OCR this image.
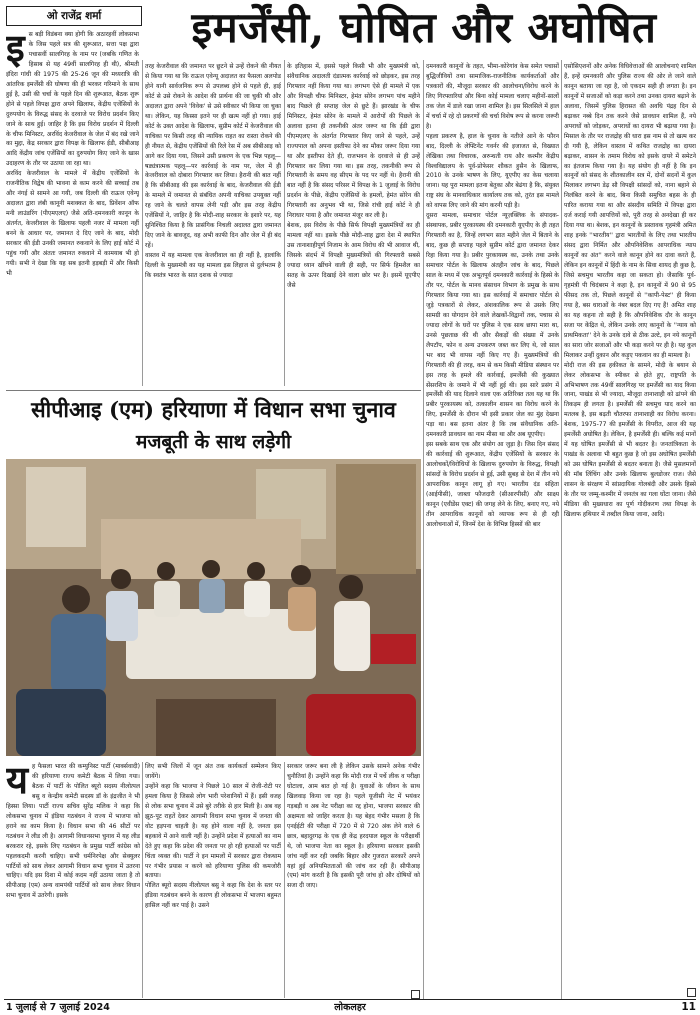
ओ राजेंद्र शर्मा	इमर्जेंसी, घोषित और अघोषित
इ स बड़ी विडंबना क्या होगी कि अठारहवीं लोकसभा के जिस पहले सत्र की शुरूआत, सत्ता पक्ष द्वारा पचासवीं सालगिरह के नाम पर (जबकि गणित के हिसाब से यह 49वीं सालगिरह ही थी), श्रीमती इंदिरा गांधी की 1975 की 25-26 जून की मध्यरात्रि की आंतरिक इमर्जेंसी की घोषणा की ही भरकर गरिमाने के साथ हुई है, उसी की चर्चा के पहले दिन की शुरूआत, बैठक शुरू होने से पहले विपक्ष द्वारा अपने खिलाफ, केंद्रीय एजेंसियों के दुरुपयोग के विरुद्ध संसद के दरवाजे पर विरोध प्रदर्शन किए जाने के साथ हुई। जाहिर है कि इस विरोध प्रदर्शन में दिल्ली के चीफ मिनिस्टर, अरविंद केजरीवाल के जेल में बंद रखे जाने का मुद्दा, केंद्र सरकार द्वारा विपक्ष के खिलाफ ईडी, सीबीआइ आदि केंद्रीय जांच एजेंसियों का दुरुपयोग किए जाने के खास उदाहरण के तौर पर उठाया जा रहा था।
अरविंद केजरीवाल के मामले में केंद्रीय एजेंसियों के राजनीतिक विद्वेष की भावना से काम करने की सच्चाई तब और नंगई से सामने आ गयी, जब दिल्ली की राऊज एवेन्यू अदालत द्वारा लंबी कानूनी मशक्कत के बाद, प्रिवेंशन ऑफ मनी लाउंडरिंग (पीएमएलए) जैसे अति-दमनकारी कानून के अंतर्गत, केजरीवाल के खिलाफ पहली नजर में मामला नहीं बनने के आधार पर, जमानत दे दिए जाने के बाद, मोदी सरकार की ईडी उनकी जमानत रुकवाने के लिए हाई कोर्ट में पहुंच गयी और अंततः जमानत रुकवाने में कामयाब भी हो गयी। सभी ने देखा कि यह सब इतनी हड़बड़ी में और किसी भी
तरह केजरीवाल की जमानत पर छूटने से उन्हें रोकने की नीयत से किया गया था कि राऊज एवेन्यू अदालत का फैसला अलपोड होने यानी सार्वजनिक रूप से उपलब्ध होने से पहले ही, हाई कोर्ट से उसे रोकने के आदेश की प्रार्थना की जा चुकी थी और अदालत द्वारा अपने 'विवेक' से उसे स्वीकार भी किया जा चुका था। लेकिन, यह किस्सा इतने पर ही खत्म नहीं हो गया। हाई कोर्ट के उक्त आदेश के खिलाफ, सुप्रीम कोर्ट में केजरीवाल की याचिका पर किसी तरह की न्यायिक राहत का रास्ता रोकने की ही नीयत से, केंद्रीय एजेंसियों की रिले रेस में अब सीबीआइ को आगे कर दिया गया, जिसने उसी प्रकरण के एक भिन्न पहलू—षड्यंत्रात्मक पहलू—पर कार्रवाई के नाम पर, जेल में ही केजरीवाल को दोबारा गिरफ्तार कर लिया। हैरानी की बात नहीं है कि सीबीआइ की इस कार्रवाई के बाद, केजरीवाल की ईडी के मामले में जमानत से संबंधित अपनी याचिका उपयुक्त नहीं रह जाने के चलते वापस लेनी पड़ी और इस तरह केंद्रीय एजेंसियों ने, जाहिर है कि मोदी-शाह सरकार के इशारे पर, यह सुनिश्चित किया है कि प्रासंगिक निचली अदालत द्वारा जमानत दिए जाने के बावजूद, वह अभी काफी दिन और जेल में ही बंद रहें।
वास्तव में यह मामला एक केजरीवाल का ही नहीं है, हालांकि दिल्ली के मुख्यमंत्री का यह मामला इस लिहाज से दुर्लभतम है कि स्वतंत्र भारत के सात दशक से ज्यादा
के इतिहास में, इससे पहले किसी भी और मुख्यमंत्री को, संवैधानिक अदालती दंडात्मक कार्रवाई को छोड़कर, इस तरह गिरफ्तार नहीं किया गया था। लगभग ऐसे ही मामले में एक और विपक्षी चीफ मिनिस्टर, हेमंत सोरेन लगभग पांच महीने बाद पिछले ही सप्ताह जेल से छूटे हैं। झारखंड के चीफ मिनिस्टर, हेमंत सोरेन के मामले में आरोपों की पिछले के अलावा इतना ही तकनीकी अंतर जरूर था कि ईडी द्वारा पीएमएलए के अंतर्गत गिरफ्तार किए जाने से पहले, उन्हें राज्यपाल को अपना इस्तीफा देने का मौका जरूर दिया गया था और इस्तीफा देते ही, राजभवन के दरवाजे से ही उन्हें गिरफ्तार कर लिया गया था। इस तरह, तकनीकी रूप से गिरफ्तारी के समय वह सीएम के पद पर नहीं थे। हैरानी की बात नहीं है कि संसद परिसर में विपक्ष के 1 जुलाई के विरोध प्रदर्शन के पीछे, केंद्रीय एजेंसियों के हमलों, हेमंत सोरेन की गिरफ्तारी का अनुभव भी था, जिसे रांची हाई कोर्ट ने ही निराधार पाया है और जमानत मंजूर कर ली है।
बेशक, इस विरोध के पीछे सिर्फ विपक्षी मुख्यमंत्रियों का ही मामला नहीं था। इसके पीछे मोदी-शाह द्वारा देश में स्थापित उस तानाशाहीपूर्ण निजाम के आम विरोध की भी आवाज थी, जिसके संदर्भ में विपक्षी मुख्यमंत्रियों की गिरफ्तारी सबसे ज्यादा ध्यान खींचने वाली ही सही, पर सिर्फ हिमशैल का सतह के ऊपर दिखाई देने वाला छोर भर है। इसमें यूएपीए जैसे
दमनकारी कानूनों के तहत, भीमा-कोरेगांव केस समेत पचासों बुद्धिजीवियों तथा सामाजिक-राजनीतिक कार्यकर्ताओं और पत्रकारों की, मौजूदा सरकार की आलोचना/विरोध करने के लिए गिरफ्तारियां और बिना कोई मामला चलाए महीनों-सालों तक जेल में डाले रखा जाना शामिल है। इस सिलसिले में हाल में चर्चा में रहे दो प्रकरणों की चर्चा विशेष रूप से करना जरूरी है।
पहला प्रकरण है, हाल के चुनाव के नतीजे आने के फौरन बाद, दिल्ली के लेफ्टिनेंट गवर्नर की इजाजत से, विख्यात लेखिका तथा विचारक, अरुन्धती राय और कश्मीर केंद्रीय विश्वविद्यालय के पूर्व-प्रोफेसर शौकत हुसैन के खिलाफ, 2010 के उनके भाषण के लिए, यूएपीए का केस चलाया जाना। यह पूरा मामला इतना बेतुका और बेढंगा है कि, संयुक्त राष्ट्र संघ के मानवाधिकार कार्यालय तक को, तुरंत इस मामले को वापस लिए जाने की मांग करनी पड़ी है।
दूसरा मामला, समाचार पोर्टल न्यूज़क्लिक के संपादक-संस्थापक, प्रबीर पुरकायस्थ की दमनकारी यूएपीए के ही तहत गिरफ्तारी का है, जिन्हें लगभग सात महीने जेल में बिताने के बाद, कुछ ही सप्ताह पहले सुप्रीम कोर्ट द्वारा जमानत देकर रिहा किया गया है। प्रबीर पुरकायस्थ का, उनके तथा उनके समाचार पोर्टल के खिलाफ अंतहीन जांच के बाद, पिछले साल के मध्य में एक अभूतपूर्व दमनकारी कार्रवाई के हिस्से के तौर पर, पोर्टल के मानव संसाधन विभाग के प्रमुख के साथ गिरफ्तार किया गया था। इस कार्रवाई में समाचार पोर्टल से जुड़े पत्रकारों से लेकर, अंशकालिक रूप से उसके लिए सामग्री का योगदान देने वाले लेखकों-विद्वानों तक, पचास से ज्यादा लोगों के घरों पर पुलिस ने एक साथ छापा मारा था, उनसे पूछताछ की थी और सैकड़ों की संख्या में उनके लैपटॉप, फोन व अन्य उपकरण जब्त कर लिए थे, जो साल भर बाद भी वापस नहीं किए गए हैं। मुख्यमंत्रियों की गिरफ्तारी की ही तरह, कम से कम किसी मीडिया संस्थान पर इस तरह के हमले की कार्रवाई, इमर्जेंसी की कुख्यात सेंसरशिप के जमाने में भी नहीं हुई थी। इस सारे प्रसंग में इमर्जेंसी की याद दिलाने वाला एक अतिरिक्त तत्व यह था कि प्रबीर पुरकायस्थ को, तत्कालीन शासन का विरोध करने के लिए, इमर्जेंसी के दौरान भी इसी प्रकार जेल का मुंह देखना पड़ा था। बस इतना अंतर है कि तब संवैधानिक अति-दमनकारी प्रावधान का नाम मीसा था और अब यूएपीए।
इस सबके साथ एक और संयोग आ जुड़ा है। जिस दिन संसद की कार्रवाई की शुरूआत, केंद्रीय एजेंसियों के सरकार के आलोचकों/विरोधियों के खिलाफ दुरुपयोग के विरुद्ध, विपक्षी सांसदों के विरोध प्रदर्शन से हुई, उसी सुबह से देश में तीन नये आपराधिक कानून लागू हो गए। भारतीय दंड संहिता (आईपीसी), जाब्ता फौजदारी (सीआरपीसी) और साक्ष्य कानून (एवीडेंस एक्ट) की जगह लेने के लिए, बनाए गए, नये तीन आपराधिक कानूनों को व्यापक रूप से ही रही आलोचनाओं में, जिनमें देश के विभिन्न हिस्सों की बार
एसोसिएशनों और अनेक विधिवेत्ताओं की आलोचनाएं शामिल हैं, इन्हें दमनकारी और पुलिस राज्य की ओर ले जाने वाले कानून बताया जा रहा है, जो एकदम सही ही लगता है। इन कानूनों में सजाओं को कड़ा करने तथा उनका दायरा बढ़ाने के अलावा, जिसमें पुलिस हिरासत की अवधि पंद्रह दिन से बढ़ाकर नब्बे दिन तक करने जैसे प्रावधान शामिल हैं, नये अपराधों को जोड़कर, अपराधों का दायरा भी बढ़ाया गया है। मिसाल के तौर पर राजद्रोह की धारा इस नाम से तो खत्म कर दी गयी है, लेकिन वास्तव में कथित राजद्रोह का दायरा बढ़ाकर, शासन के तमाम विरोध को इसके दायरे में समेटने का इंतजाम किया गया है। यह संयोग ही नहीं है कि इन कानूनों को संसद के शीतकालीन सत्र में, दोनों सदनों में कुल मिलाकर लगभग डेढ़ सौ विपक्षी सांसदों को, नाना बहाने से निलंबित करने के बाद, बिना किसी समुचित बहस के ही पारित कराया गया था और संसदीय समिति में विपक्ष द्वारा दर्ज कराई गयी आपत्तियों को, पूरी तरह से अनदेखा ही कर दिया गया था। बेशक, इन कानूनों के प्रस्तावक गृहमंत्री अमित शाह इनके ''भारतीय'' द्वारा भारतीयों के लिए तथा भारतीय संसद द्वारा निर्मित और औपनिवेशिक आपराधिक न्याय कानूनों का अंत'' करने वाले कानून होने का दावा करते हैं, लेकिन इन कानूनों में हिंदी के नाम के सिवा शायद ही कुछ है, जिसे सचमुच भारतीय कहा जा सकता हो। जैसाकि पूर्व-गृहमंत्री पी चिदंबरम ने कहा है, इन कानूनों में 90 से 95 फीसद तक तो, पिछले कानूनों से ''कापी-पेस्ट'' ही किया गया है, बस धाराओं के नंबर बदल दिए गए हैं! अमित शाह का यह कहना तो सही है कि औपनिवेशिक दौर के कानून सजा पर केंद्रित थे, लेकिन उनके लाए कानूनों के ''न्याय को प्राथमिकता'' देने के उनके दावे से ठीक उल्टे, इन नये कानूनों का सारा जोर सजाओं और भी कड़ा करने पर ही है। यह कुल मिलाकर उन्हीं दुकान और कड़ुए पकवान का ही मामला है।
मोदी राज की इस हकीकत के सामने, मोदी के बयान से लेकर लोकसभा के स्पीकर से होते हुए, राष्ट्रपति के अभिभाषण तक 49वीं सालगिरह पर इमर्जेंसी का याद किया जाना, पाखंड से भी ज्यादा, मौजूदा तानाशाही को ढांपने की तिकड़म ही लगता है। इमर्जेंसी की सचमुच याद करने का मतलब है, इस बढ़ती चौतरफा तानाशाही का विरोध करना। बेशक, 1975-77 की इमर्जेंसी के विपरीत, आज की यह इमर्जेंसी अघोषित है। लेकिन, है इमर्जेंसी ही। बल्कि कई मानों में यह घोषित इमर्जेंसी से भी बदतर है। जनतांत्रिकता के पाखंड के अलावा भी बहुत कुछ है जो इस अघोषित इमर्जेंसी को उस घोषित इमर्जेंसी से बदतर बनाता है। जैसे मुसलमानों की मॉब लिंचिंग और उनके खिलाफ बुलडोजर राज। जैसे शासन के संरक्षण में सांप्रदायिक गोलबंदी और उसके हिस्से के तौर पर जम्मू-कश्मीर में जनतंत्र का गला घोंटा जाना। जैसे मीडिया की मुख्यधारा का पूर्ण गोदीकरण तथा विपक्ष के खिलाफ हथियार में तब्दील किया जाना, आदि।
सीपीआइ (एम) हरियाणा में विधान सभा चुनाव
मजबूती के साथ लड़ेगी
य ह फैसला भारत की कम्युनिस्ट पार्टी (मार्क्सवादी) की हरियाणा राज्य कमेटी बैठक में लिया गया। बैठक में पार्टी के पोलित ब्यूरो सदस्य नीलोत्पल बसु व केन्द्रीय कमेटी सदस्य डॉ के इंद्रजीत ने भी हिस्सा लिया। पार्टी राज्य सचिव सुरेंद्र मलिक ने कहा कि लोकसभा चुनाव में इंडिया गठबंधन ने राज्य में भाजपा को हराने का काम किया है। विधान सभा की 46 सीटों पर गठबंधन ने लीड ली है। आगामी विधानसभा चुनाव में यह लीड बरकरार रहे, इसके लिए गठबंधन के प्रमुख पार्टी कांग्रेस को पहलकदमी करनी चाहिए। सभी धर्मनिरपेक्ष और सेक्युलर पार्टियों को साथ लेकर आगामी विधान सभा चुनाव में उतरना चाहिए। यदि इस दिशा में कोई कदम नहीं उठाया जाता है तो सीपीआइ (एम) अन्य वामपंथी पार्टियों को साथ लेकर विधान सभा चुनाव में उतरेगी। इसके
लिए सभी जिलों में जून अंत तक कार्यकर्ता सम्मेलन किए जायेंगे।
उन्होंने कहा कि भाजपा ने पिछले 10 साल में रोजी-रोटी पर हमला किया है जिससे लोग भारी परेशानियों में हैं। इसी वजह से लोक सभा चुनाव में उसे बुरे तरीके से हार मिली है। अब वह झूठ-पूट राहतें देकर आगामी विधान सभा चुनाव में जनता की वोट हड़पना चाहती है। यह होने वाला नहीं है, जनता इस बहकावे में आने वाली नहीं है। उन्होंने प्रदेश में हत्याओं का नाम देते हुए कहा कि प्रदेश की जनता पर हो रही हत्याओं पर पार्टी चिंता व्यक्त की। पार्टी ने इन मामलों में सरकार द्वारा रोकथाम पर गंभीर प्रयास न करने को हरियाणा पुलिस की कमजोरी बताया।
पोलित ब्यूरो सदस्य नीलोत्पल बसु ने कहा कि देश के स्तर पर इंडिया गठबंधन बनने के कारण ही लोकसभा में भाजपा बहुमत हासिल नहीं कर पाई है। उसने
सरकार जरूर बना ली है लेकिन उसके सामने अनेक गंभीर चुनौतियां हैं। उन्होंने कहा कि मोदी राज में पर्चे लीक व परीक्षा घोटाला, आम बात हो गई है। युवाओं के जीवन के साथ खिलवाड़ किया जा रहा है। पहले यूजीसी नेट में भयंकर गड़बड़ी व अब नेट परीक्षा का रद्द होना, भाजपा सरकार की अक्षमता को जाहिर करता है। यह बेहद गंभीर मसला है कि एनईईटी की परीक्षा में 720 में से 720 अंक लेने वाले 6 छात्र, बहादुरगढ़ के एक ही केंद्र हरदयाल स्कूल के परीक्षार्थी थे, जो भाजपा नेता का स्कूल है। हरियाणा सरकार इसकी जांच नहीं कर रही जबकि बिहार और गुजरात सरकारें अपने यहां हुई अनियमितताओं की जांच कर रही हैं। सीपीआइ (एम) मांग करती है कि इसकी पूरी जांच हो और दोषियों को सजा दी जाए।
1 जुलाई से 7 जुलाई 2024	लोकलहर	11
